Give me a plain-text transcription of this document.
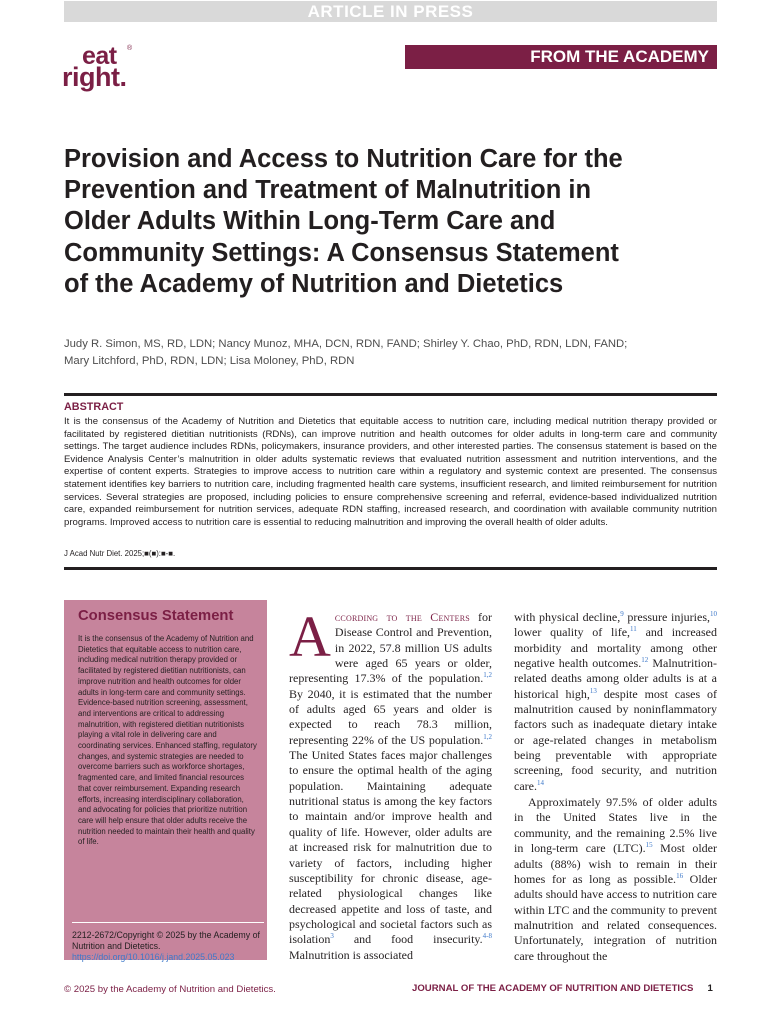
ARTICLE IN PRESS
eat ®
right.
FROM THE ACADEMY
Provision and Access to Nutrition Care for the Prevention and Treatment of Malnutrition in Older Adults Within Long-Term Care and Community Settings: A Consensus Statement of the Academy of Nutrition and Dietetics
Judy R. Simon, MS, RD, LDN; Nancy Munoz, MHA, DCN, RDN, FAND; Shirley Y. Chao, PhD, RDN, LDN, FAND;
Mary Litchford, PhD, RDN, LDN; Lisa Moloney, PhD, RDN
ABSTRACT

It is the consensus of the Academy of Nutrition and Dietetics that equitable access to nutrition care, including medical nutrition therapy provided or facilitated by registered dietitian nutritionists (RDNs), can improve nutrition and health outcomes for older adults in long-term care and community settings. The target audience includes RDNs, policymakers, insurance providers, and other interested parties. The consensus statement is based on the Evidence Analysis Center’s malnutrition in older adults systematic reviews that evaluated nutrition assessment and nutrition interventions, and the expertise of content experts. Strategies to improve access to nutrition care within a regulatory and systemic context are presented. The consensus statement identifies key barriers to nutrition care, including fragmented health care systems, insufficient research, and limited reimbursement for nutrition services. Several strategies are proposed, including policies to ensure comprehensive screening and referral, evidence-based individualized nutrition care, expanded reimbursement for nutrition services, adequate RDN staffing, increased research, and coordination with available community nutrition programs. Improved access to nutrition care is essential to reducing malnutrition and improving the overall health of older adults.

J Acad Nutr Diet. 2025;■(■):■-■.
Consensus Statement

It is the consensus of the Academy of Nutrition and Dietetics that equitable access to nutrition care, including medical nutrition therapy provided or facilitated by registered dietitian nutritionists, can improve nutrition and health outcomes for older adults in long-term care and community settings. Evidence-based nutrition screening, assessment, and interventions are critical to addressing malnutrition, with registered dietitian nutritionists playing a vital role in delivering care and coordinating services. Enhanced staffing, regulatory changes, and systemic strategies are needed to overcome barriers such as workforce shortages, fragmented care, and limited financial resources that cover reimbursement. Expanding research efforts, increasing interdisciplinary collaboration, and advocating for policies that prioritize nutrition care will help ensure that older adults receive the nutrition needed to maintain their health and quality of life.

2212-2672/Copyright © 2025 by the Academy of Nutrition and Dietetics.
https://doi.org/10.1016/j.jand.2025.05.023

According to the Centers for Disease Control and Prevention, in 2022, 57.8 million US adults were aged 65 years or older, representing 17.3% of the population.$^{1,2}$ By 2040, it is estimated that the number of adults aged 65 years and older is expected to reach 78.3 million, representing 22% of the US population.$^{1,2}$ The United States faces major challenges to ensure the optimal health of the aging population. Maintaining adequate nutritional status is among the key factors to maintain and/or improve health and quality of life. However, older adults are at increased risk for malnutrition due to variety of factors, including higher susceptibility for chronic disease, age-related physiological changes like decreased appetite and loss of taste, and psychological and societal factors such as isolation$^3$ and food insecurity.$^{4-8}$ Malnutrition is associated

with physical decline,$^9$ pressure injuries,$^{10}$ lower quality of life,$^{11}$ and increased morbidity and mortality among other negative health outcomes.$^{12}$ Malnutrition-related deaths among older adults is at a historical high,$^{13}$ despite most cases of malnutrition caused by noninflammatory factors such as inadequate dietary intake or age-related changes in metabolism being preventable with appropriate screening, food security, and nutrition care.$^{14}$

Approximately 97.5% of older adults in the United States live in the community, and the remaining 2.5% live in long-term care (LTC).$^{15}$ Most older adults (88%) wish to remain in their homes for as long as possible.$^{16}$ Older adults should have access to nutrition care within LTC and the community to prevent malnutrition and related consequences. Unfortunately, integration of nutrition care throughout the

© 2025 by the Academy of Nutrition and Dietetics.	JOURNAL OF THE ACADEMY OF NUTRITION AND DIETETICS 1
